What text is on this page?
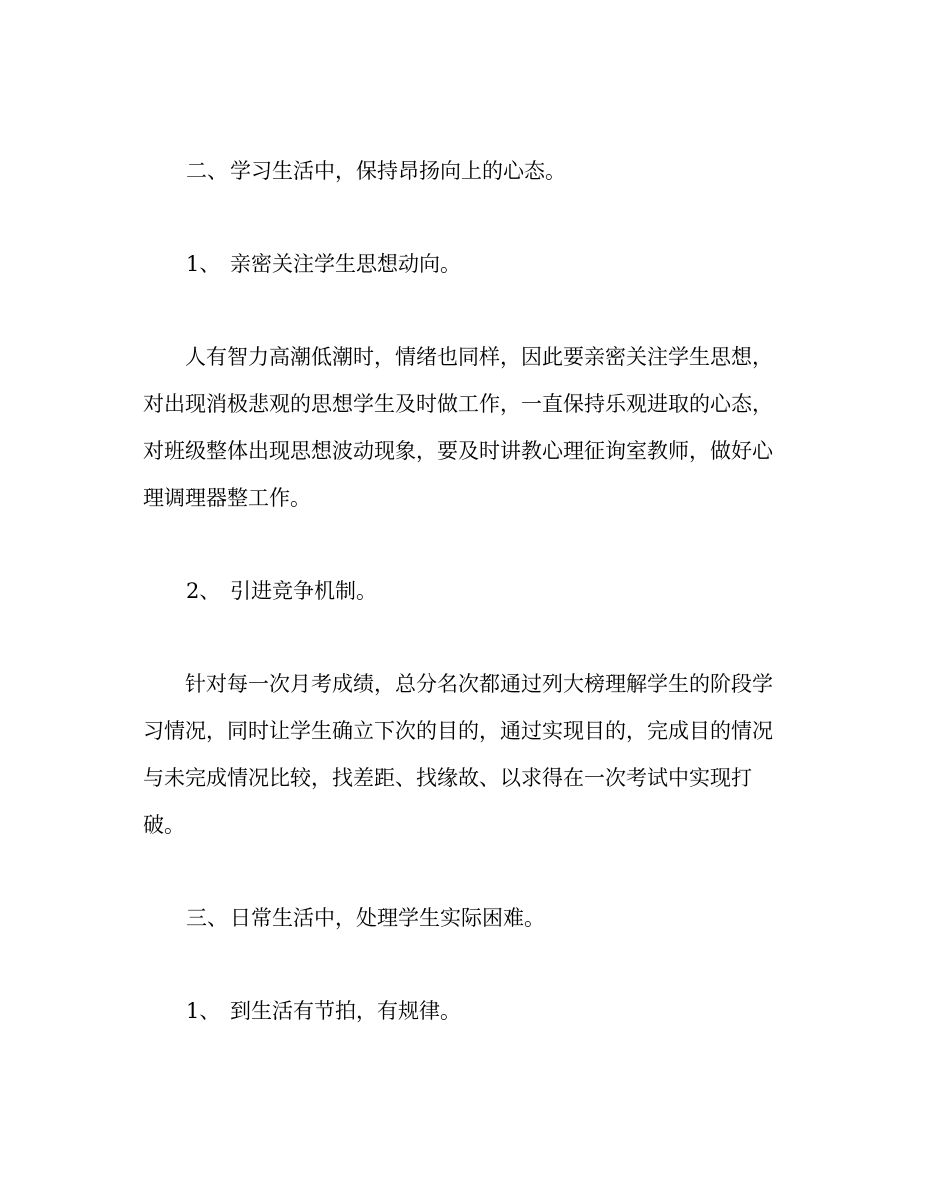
二、学习生活中，保持昂扬向上的心态。

1、 亲密关注学生思想动向。

人有智力高潮低潮时，情绪也同样，因此要亲密关注学生思想，

对出现消极悲观的思想学生及时做工作，一直保持乐观进取的心态，

对班级整体出现思想波动现象，要及时讲教心理征询室教师，做好心

理调理器整工作。

2、 引进竞争机制。

针对每一次月考成绩，总分名次都通过列大榜理解学生的阶段学

习情况，同时让学生确立下次的目的，通过实现目的，完成目的情况

与未完成情况比较，找差距、找缘故、以求得在一次考试中实现打

破。

三、日常生活中，处理学生实际困难。

1、 到生活有节拍，有规律。
